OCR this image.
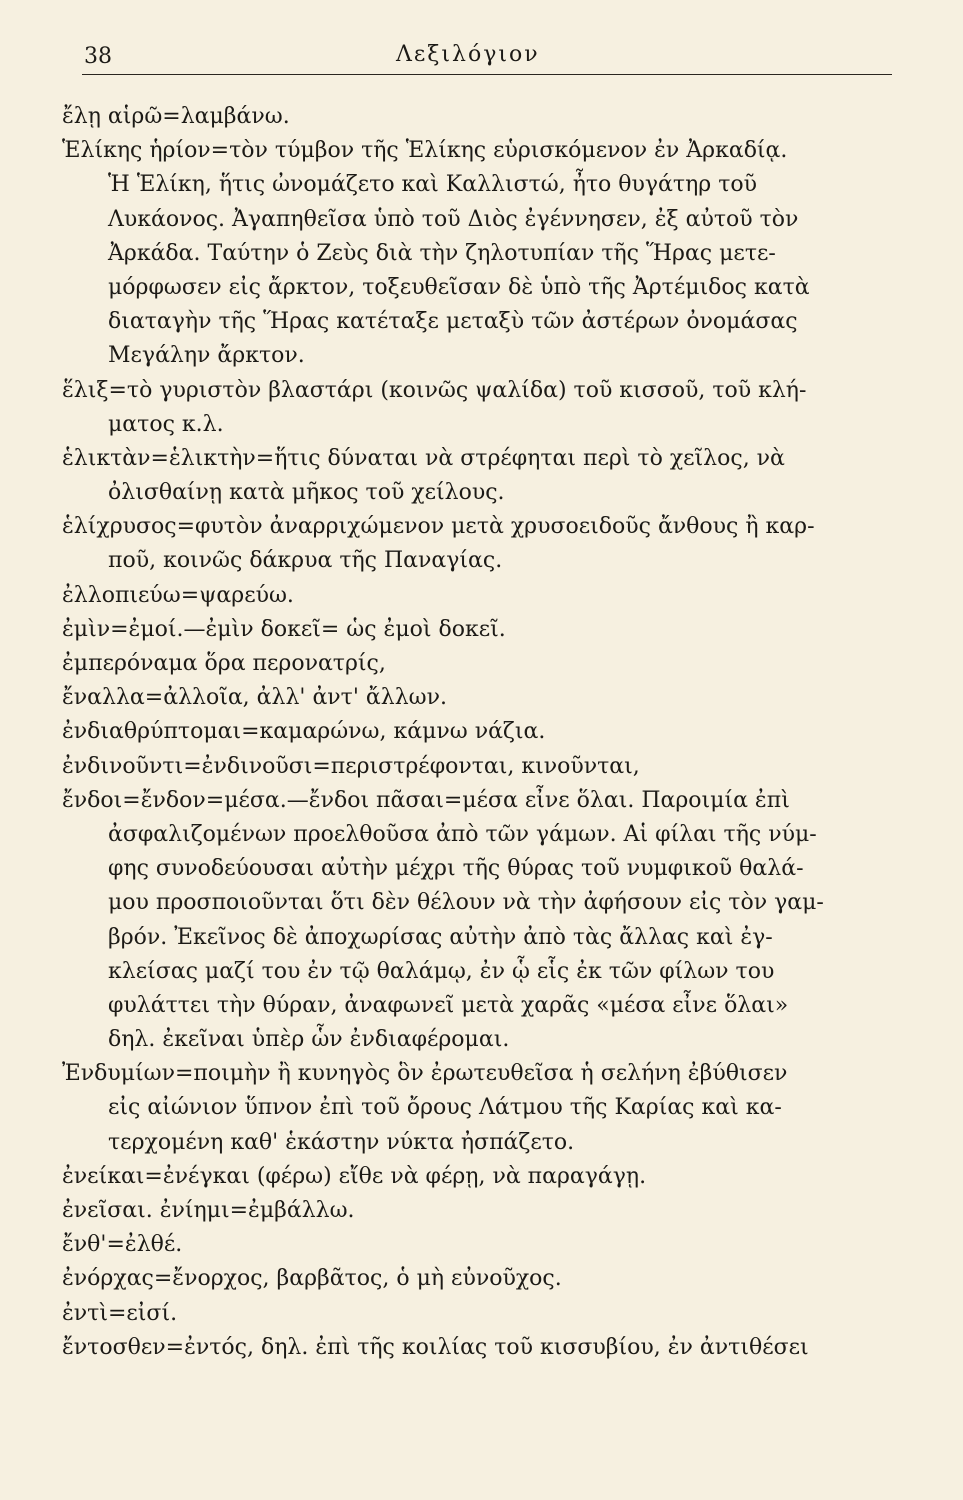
38	Λεξιλόγιον
ἔλῃ αἱρῶ=λαμβάνω.
Ἑλίκης ἡρίον=τὸν τύμβον τῆς Ἑλίκης εὑρισκόμενον ἐν Ἀρκαδίᾳ.
Ἡ Ἑλίκη, ἥτις ὠνομάζετο καὶ Καλλιστώ, ἦτο θυγάτηρ τοῦ
Λυκάονος. Ἀγαπηθεῖσα ὑπὸ τοῦ Διὸς ἐγέννησεν, ἐξ αὐτοῦ τὸν
Ἀρκάδα. Ταύτην ὁ Ζεὺς διὰ τὴν ζηλοτυπίαν τῆς Ἥρας μετε-
μόρφωσεν εἰς ἄρκτον, τοξευθεῖσαν δὲ ὑπὸ τῆς Ἀρτέμιδος κατὰ
διαταγὴν τῆς Ἥρας κατέταξε μεταξὺ τῶν ἀστέρων ὀνομάσας
Μεγάλην ἄρκτον.
ἕλιξ=τὸ γυριστὸν βλαστάρι (κοινῶς ψαλίδα) τοῦ κισσοῦ, τοῦ κλή-
ματος κ.λ.
ἑλικτὰν=ἑλικτὴν=ἥτις δύναται νὰ στρέφηται περὶ τὸ χεῖλος, νὰ
ὀλισθαίνῃ κατὰ μῆκος τοῦ χείλους.
ἑλίχρυσος=φυτὸν ἀναρριχώμενον μετὰ χρυσοειδοῦς ἄνθους ἢ καρ-
ποῦ, κοινῶς δάκρυα τῆς Παναγίας.
ἐλλοπιεύω=ψαρεύω.
ἐμὶν=ἐμοί.—ἐμὶν δοκεῖ= ὡς ἐμοὶ δοκεῖ.
ἐμπερόναμα ὅρα περονατρίς,
ἔναλλα=ἀλλοῖα, ἀλλ' ἀντ' ἄλλων.
ἐνδιαθρύπτομαι=καμαρώνω, κάμνω νάζια.
ἐνδινοῦντι=ἐνδινοῦσι=περιστρέφονται, κινοῦνται,
ἔνδοι=ἔνδον=μέσα.—ἔνδοι πᾶσαι=μέσα εἶνε ὅλαι. Παροιμία ἐπὶ
ἀσφαλιζομένων προελθοῦσα ἀπὸ τῶν γάμων. Αἱ φίλαι τῆς νύμ-
φης συνοδεύουσαι αὐτὴν μέχρι τῆς θύρας τοῦ νυμφικοῦ θαλά-
μου προσποιοῦνται ὅτι δὲν θέλουν νὰ τὴν ἀφήσουν εἰς τὸν γαμ-
βρόν. Ἐκεῖνος δὲ ἀποχωρίσας αὐτὴν ἀπὸ τὰς ἄλλας καὶ ἐγ-
κλείσας μαζί του ἐν τῷ θαλάμῳ, ἐν ᾧ εἷς ἐκ τῶν φίλων του
φυλάττει τὴν θύραν, ἀναφωνεῖ μετὰ χαρᾶς «μέσα εἶνε ὅλαι»
δηλ. ἐκεῖναι ὑπὲρ ὧν ἐνδιαφέρομαι.
Ἐνδυμίων=ποιμὴν ἢ κυνηγὸς ὃν ἐρωτευθεῖσα ἡ σελήνη ἐβύθισεν
εἰς αἰώνιον ὕπνον ἐπὶ τοῦ ὄρους Λάτμου τῆς Καρίας καὶ κα-
τερχομένη καθ' ἑκάστην νύκτα ἠσπάζετο.
ἐνείκαι=ἐνέγκαι (φέρω) εἴθε νὰ φέρῃ, νὰ παραγάγῃ.
ἐνεῖσαι. ἐνίημι=ἐμβάλλω.
ἔνθ'=ἐλθέ.
ἐνόρχας=ἔνορχος, βαρβᾶτος, ὁ μὴ εὐνοῦχος.
ἐντὶ=εἰσί.
ἔντοσθεν=ἐντός, δηλ. ἐπὶ τῆς κοιλίας τοῦ κισσυβίου, ἐν ἀντιθέσει
